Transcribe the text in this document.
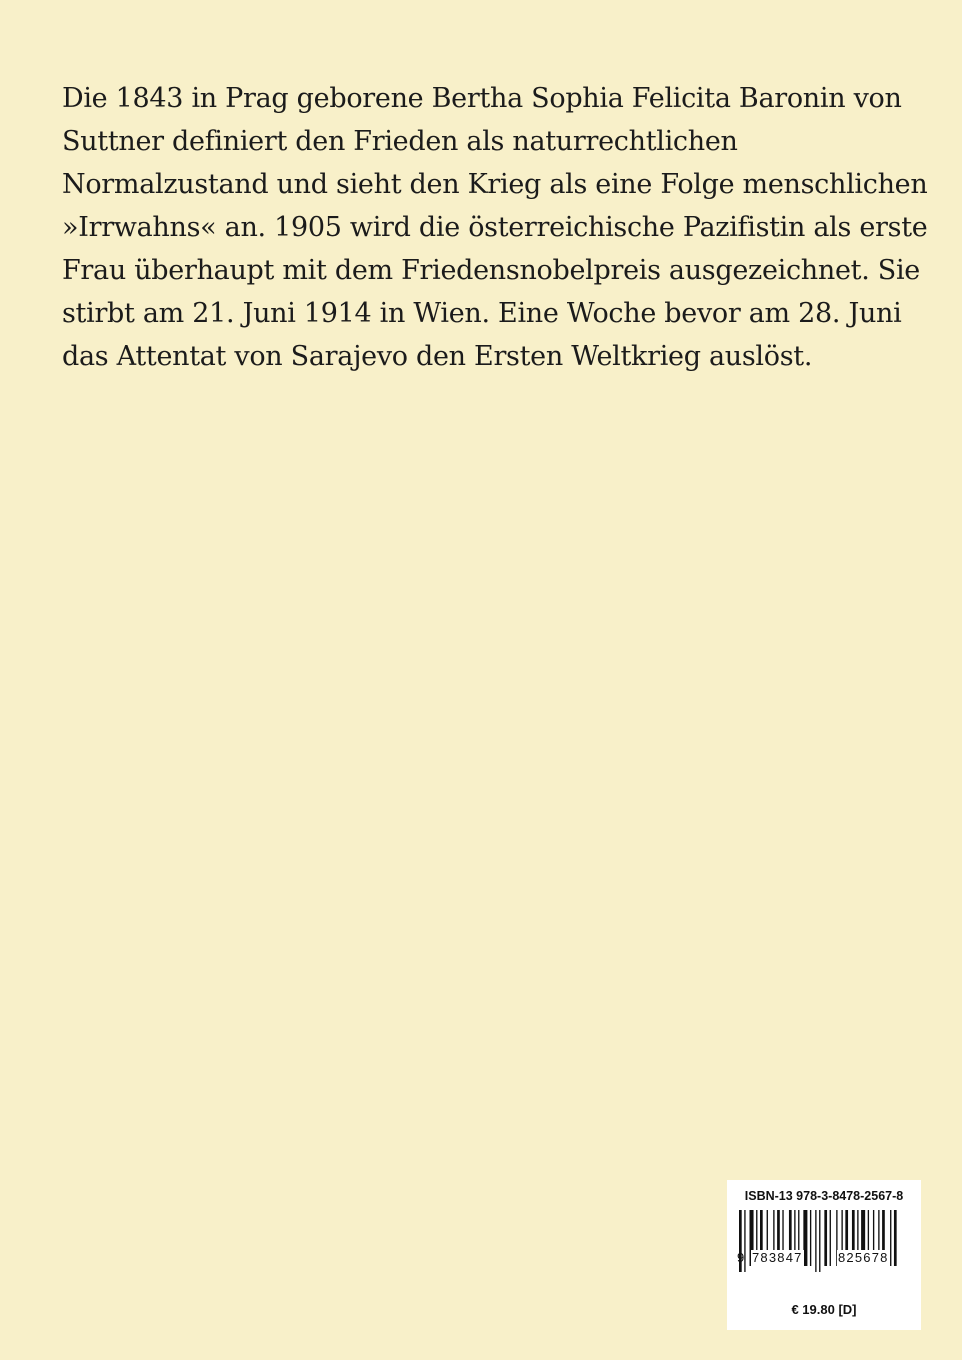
Die 1843 in Prag geborene Bertha Sophia Felicita Baronin von
Suttner definiert den Frieden als naturrechtlichen
Normalzustand und sieht den Krieg als eine Folge menschlichen
»Irrwahns« an. 1905 wird die österreichische Pazifistin als erste
Frau überhaupt mit dem Friedensnobelpreis ausgezeichnet. Sie
stirbt am 21. Juni 1914 in Wien. Eine Woche bevor am 28. Juni
das Attentat von Sarajevo den Ersten Weltkrieg auslöst.

ISBN-13 978-3-8478-2567-8
9 783847	825678
€ 19.80 [D]
